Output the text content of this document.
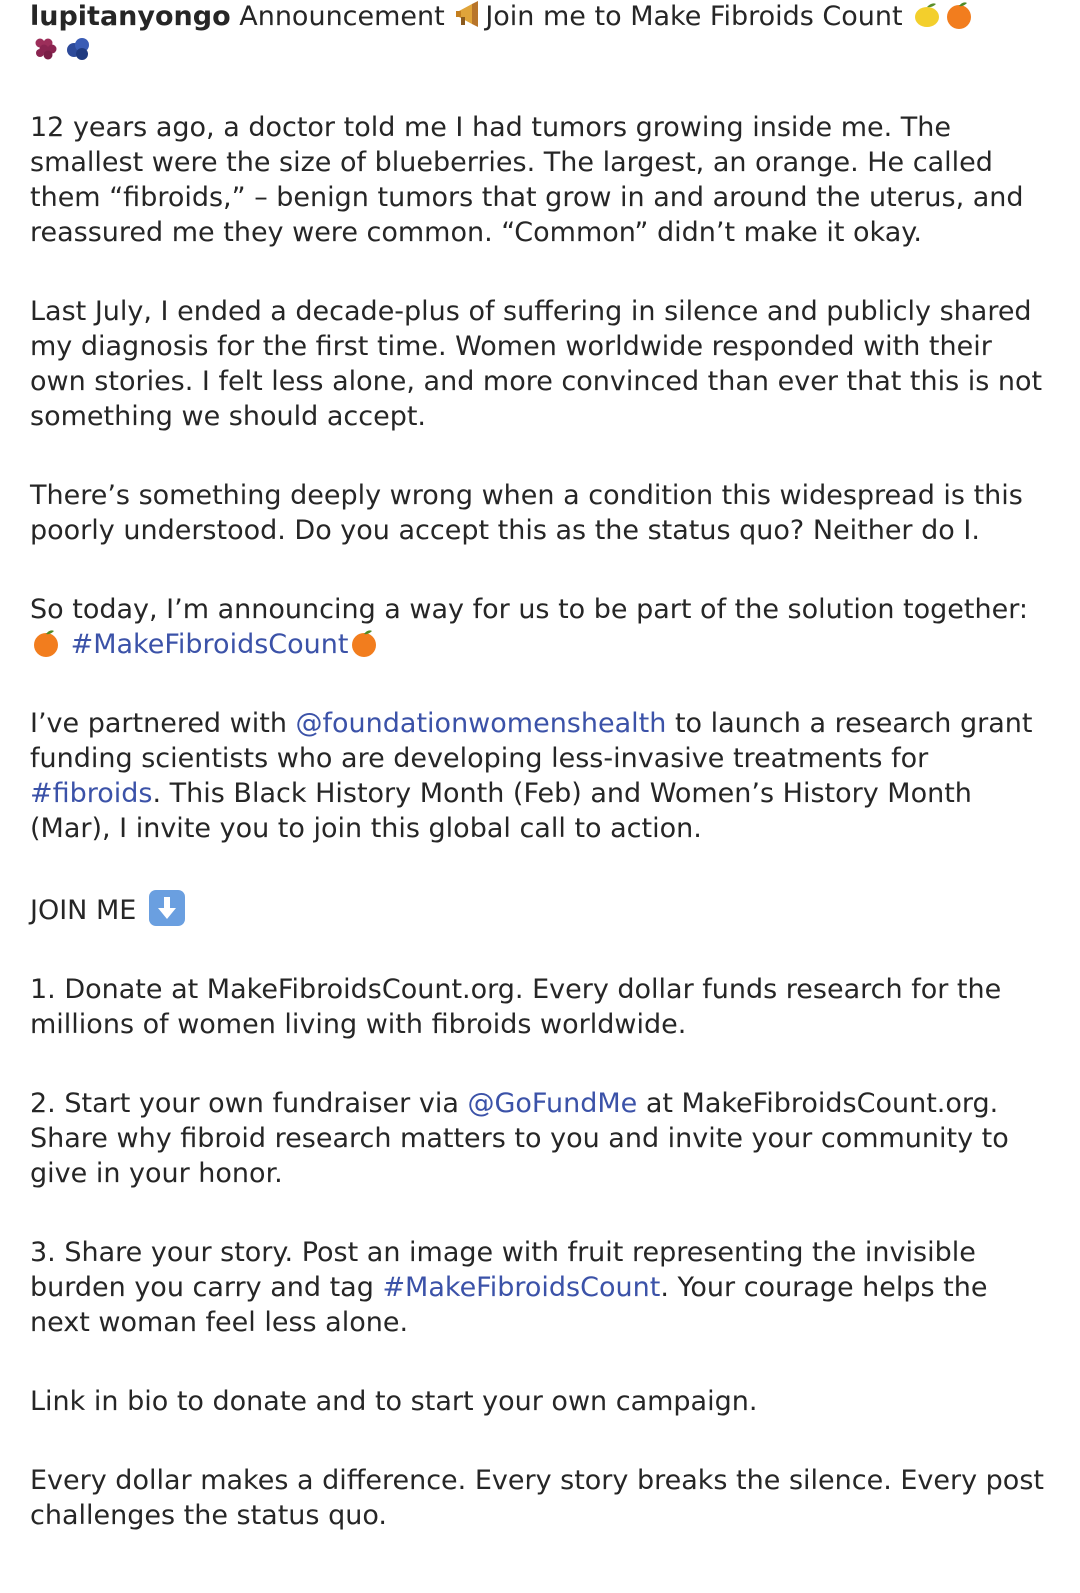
lupitanyongo Announcement
Join me to Make Fibroids Count

12 years ago, a doctor told me I had tumors growing inside me. The smallest were the size of blueberries. The largest, an orange. He called them “fibroids,” – benign tumors that grow in and around the uterus, and reassured me they were common. “Common” didn’t make it okay.

Last July, I ended a decade-plus of suffering in silence and publicly shared my diagnosis for the first time. Women worldwide responded with their own stories. I felt less alone, and more convinced than ever that this is not something we should accept.

There’s something deeply wrong when a condition this widespread is this poorly understood. Do you accept this as the status quo? Neither do I.

So today, I’m announcing a way for us to be part of the solution together:
#MakeFibroidsCount

I’ve partnered with @foundationwomenshealth to launch a research grant funding scientists who are developing less-invasive treatments for #fibroids. This Black History Month (Feb) and Women’s History Month (Mar), I invite you to join this global call to action.

JOIN ME

1. Donate at MakeFibroidsCount.org. Every dollar funds research for the millions of women living with fibroids worldwide.

2. Start your own fundraiser via @GoFundMe at MakeFibroidsCount.org. Share why fibroid research matters to you and invite your community to give in your honor.

3. Share your story. Post an image with fruit representing the invisible burden you carry and tag #MakeFibroidsCount. Your courage helps the next woman feel less alone.

Link in bio to donate and to start your own campaign.

Every dollar makes a difference. Every story breaks the silence. Every post challenges the status quo.
